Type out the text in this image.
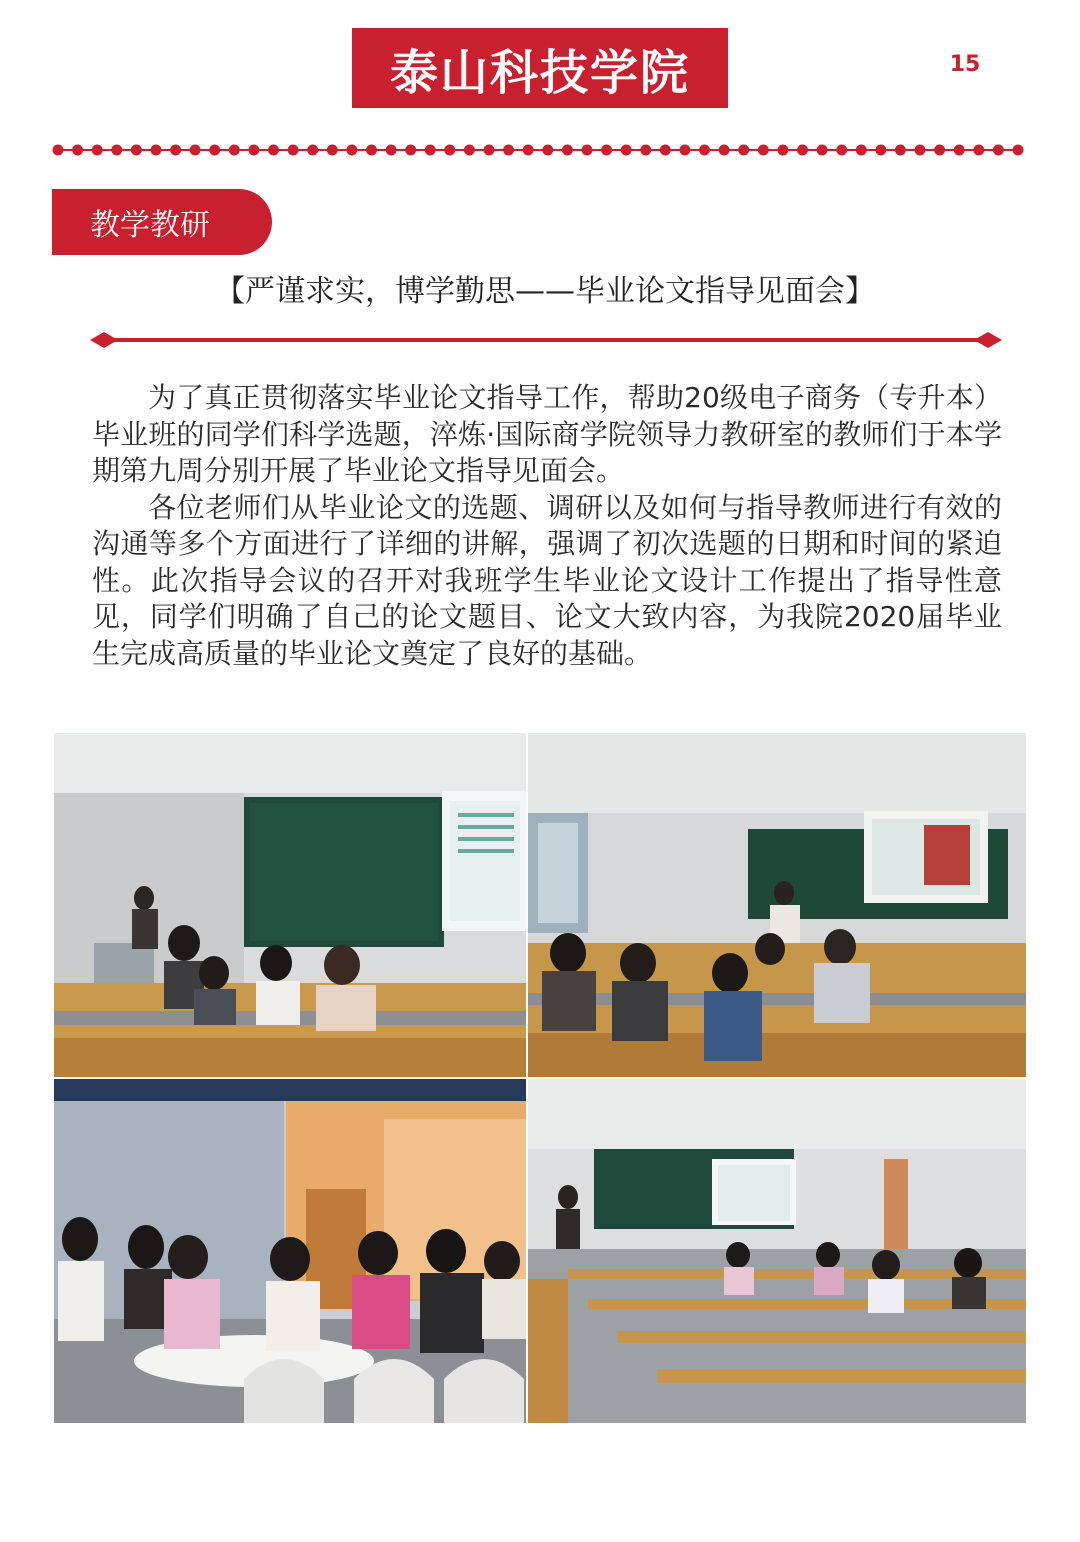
泰山科技学院	15
教学教研
【严谨求实，博学勤思——毕业论文指导见面会】

为了真正贯彻落实毕业论文指导工作，帮助20级电子商务（专升本）毕业班的同学们科学选题，淬炼·国际商学院领导力教研室的教师们于本学期第九周分别开展了毕业论文指导见面会。

各位老师们从毕业论文的选题、调研以及如何与指导教师进行有效的沟通等多个方面进行了详细的讲解，强调了初次选题的日期和时间的紧迫性。此次指导会议的召开对我班学生毕业论文设计工作提出了指导性意见，同学们明确了自己的论文题目、论文大致内容，为我院2020届毕业生完成高质量的毕业论文奠定了良好的基础。
